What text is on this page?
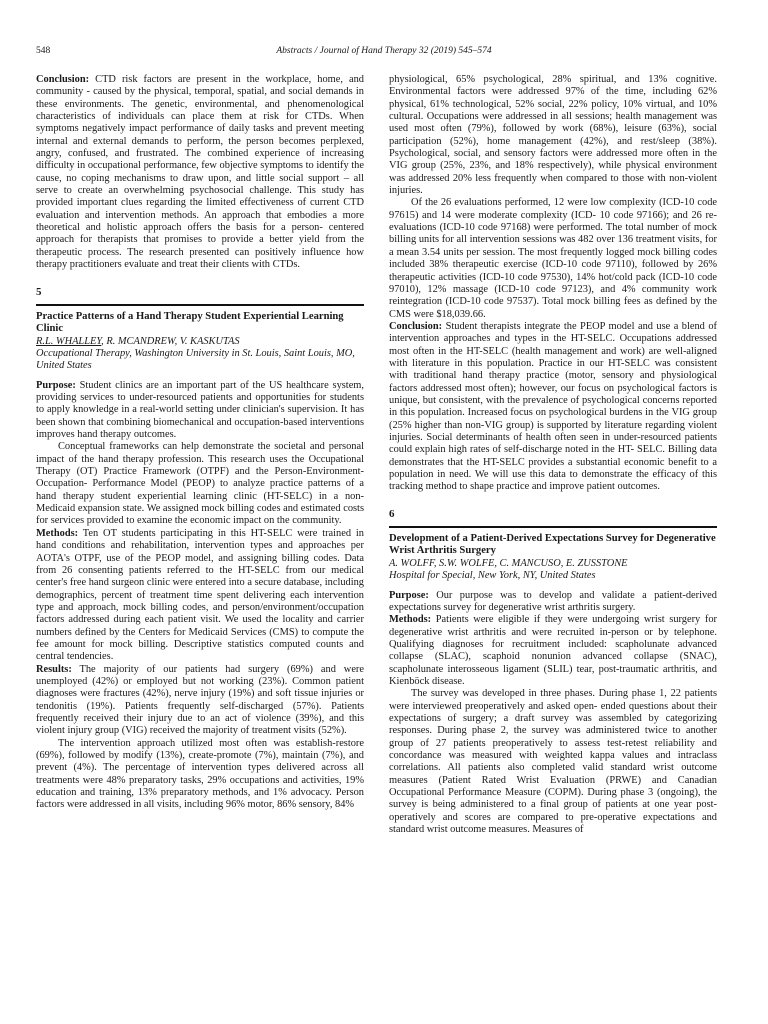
548	Abstracts / Journal of Hand Therapy 32 (2019) 545–574

Conclusion: CTD risk factors are present in the workplace, home, and community - caused by the physical, temporal, spatial, and social demands in these environments. The genetic, environmental, and phenomenological characteristics of individuals can place them at risk for CTDs. When symptoms negatively impact performance of daily tasks and prevent meeting internal and external demands to perform, the person becomes perplexed, angry, confused, and frustrated. The combined experience of increasing difficulty in occupational performance, few objective symptoms to identify the cause, no coping mechanisms to draw upon, and little social support – all serve to create an overwhelming psychosocial challenge. This study has provided important clues regarding the limited effectiveness of current CTD evaluation and intervention methods. An approach that embodies a more theoretical and holistic approach offers the basis for a person- centered approach for therapists that promises to provide a better yield from the therapeutic process. The research presented can positively influence how therapy practitioners evaluate and treat their clients with CTDs.

5
Practice Patterns of a Hand Therapy Student Experiential Learning Clinic
R.L. WHALLEY, R. MCANDREW, V. KASKUTAS
Occupational Therapy, Washington University in St. Louis, Saint Louis, MO, United States

Purpose: Student clinics are an important part of the US healthcare system, providing services to under-resourced patients and opportunities for students to apply knowledge in a real-world setting under clinician's supervision. It has been shown that combining biomechanical and occupation-based interventions improves hand therapy outcomes.

Conceptual frameworks can help demonstrate the societal and personal impact of the hand therapy profession. This research uses the Occupational Therapy (OT) Practice Framework (OTPF) and the Person-Environment-Occupation- Performance Model (PEOP) to analyze practice patterns of a hand therapy student experiential learning clinic (HT-SELC) in a non-Medicaid expansion state. We assigned mock billing codes and estimated costs for services provided to examine the economic impact on the community.

Methods: Ten OT students participating in this HT-SELC were trained in hand conditions and rehabilitation, intervention types and approaches per AOTA's OTPF, use of the PEOP model, and assigning billing codes. Data from 26 consenting patients referred to the HT-SELC from our medical center's free hand surgeon clinic were entered into a secure database, including demographics, percent of treatment time spent delivering each intervention type and approach, mock billing codes, and person/environment/occupation factors addressed during each patient visit. We used the locality and carrier numbers defined by the Centers for Medicaid Services (CMS) to compute the fee amount for mock billing. Descriptive statistics computed counts and central tendencies.

Results: The majority of our patients had surgery (69%) and were unemployed (42%) or employed but not working (23%). Common patient diagnoses were fractures (42%), nerve injury (19%) and soft tissue injuries or tendonitis (19%). Patients frequently self-discharged (57%). Patients frequently received their injury due to an act of violence (39%), and this violent injury group (VIG) received the majority of treatment visits (52%).

The intervention approach utilized most often was establish-restore (69%), followed by modify (13%), create-promote (7%), maintain (7%), and prevent (4%). The percentage of intervention types delivered across all treatments were 48% preparatory tasks, 29% occupations and activities, 19% education and training, 13% preparatory methods, and 1% advocacy. Person factors were addressed in all visits, including 96% motor, 86% sensory, 84%

physiological, 65% psychological, 28% spiritual, and 13% cognitive. Environmental factors were addressed 97% of the time, including 62% physical, 61% technological, 52% social, 22% policy, 10% virtual, and 10% cultural. Occupations were addressed in all sessions; health management was used most often (79%), followed by work (68%), leisure (63%), social participation (52%), home management (42%), and rest/sleep (38%). Psychological, social, and sensory factors were addressed more often in the VIG group (25%, 23%, and 18% respectively), while physical environment was addressed 20% less frequently when compared to those with non-violent injuries.

Of the 26 evaluations performed, 12 were low complexity (ICD-10 code 97615) and 14 were moderate complexity (ICD- 10 code 97166); and 26 re-evaluations (ICD-10 code 97168) were performed. The total number of mock billing units for all intervention sessions was 482 over 136 treatment visits, for a mean 3.54 units per session. The most frequently logged mock billing codes included 38% therapeutic exercise (ICD-10 code 97110), followed by 26% therapeutic activities (ICD-10 code 97530), 14% hot/cold pack (ICD-10 code 97010), 12% massage (ICD-10 code 97123), and 4% community work reintegration (ICD-10 code 97537). Total mock billing fees as defined by the CMS were $18,039.66.

Conclusion: Student therapists integrate the PEOP model and use a blend of intervention approaches and types in the HT-SELC. Occupations addressed most often in the HT-SELC (health management and work) are well-aligned with literature in this population. Practice in our HT-SELC was consistent with traditional hand therapy practice (motor, sensory and physiological factors addressed most often); however, our focus on psychological factors is unique, but consistent, with the prevalence of psychological concerns reported in this population. Increased focus on psychological burdens in the VIG group (25% higher than non-VIG group) is supported by literature regarding violent injuries. Social determinants of health often seen in under-resourced patients could explain high rates of self-discharge noted in the HT- SELC. Billing data demonstrates that the HT-SELC provides a substantial economic benefit to a population in need. We will use this data to demonstrate the efficacy of this tracking method to shape practice and improve patient outcomes.

6
Development of a Patient-Derived Expectations Survey for Degenerative Wrist Arthritis Surgery
A. WOLFF, S.W. WOLFE, C. MANCUSO, E. ZUSSTONE
Hospital for Special, New York, NY, United States

Purpose: Our purpose was to develop and validate a patient-derived expectations survey for degenerative wrist arthritis surgery.

Methods: Patients were eligible if they were undergoing wrist surgery for degenerative wrist arthritis and were recruited in-person or by telephone. Qualifying diagnoses for recruitment included: scapholunate advanced collapse (SLAC), scaphoid nonunion advanced collapse (SNAC), scapholunate interosseous ligament (SLIL) tear, post-traumatic arthritis, and Kienböck disease.

The survey was developed in three phases. During phase 1, 22 patients were interviewed preoperatively and asked open- ended questions about their expectations of surgery; a draft survey was assembled by categorizing responses. During phase 2, the survey was administered twice to another group of 27 patients preoperatively to assess test-retest reliability and concordance was measured with weighted kappa values and intraclass correlations. All patients also completed valid standard wrist outcome measures (Patient Rated Wrist Evaluation (PRWE) and Canadian Occupational Performance Measure (COPM). During phase 3 (ongoing), the survey is being administered to a final group of patients at one year post-operatively and scores are compared to pre-operative expectations and standard wrist outcome measures. Measures of
